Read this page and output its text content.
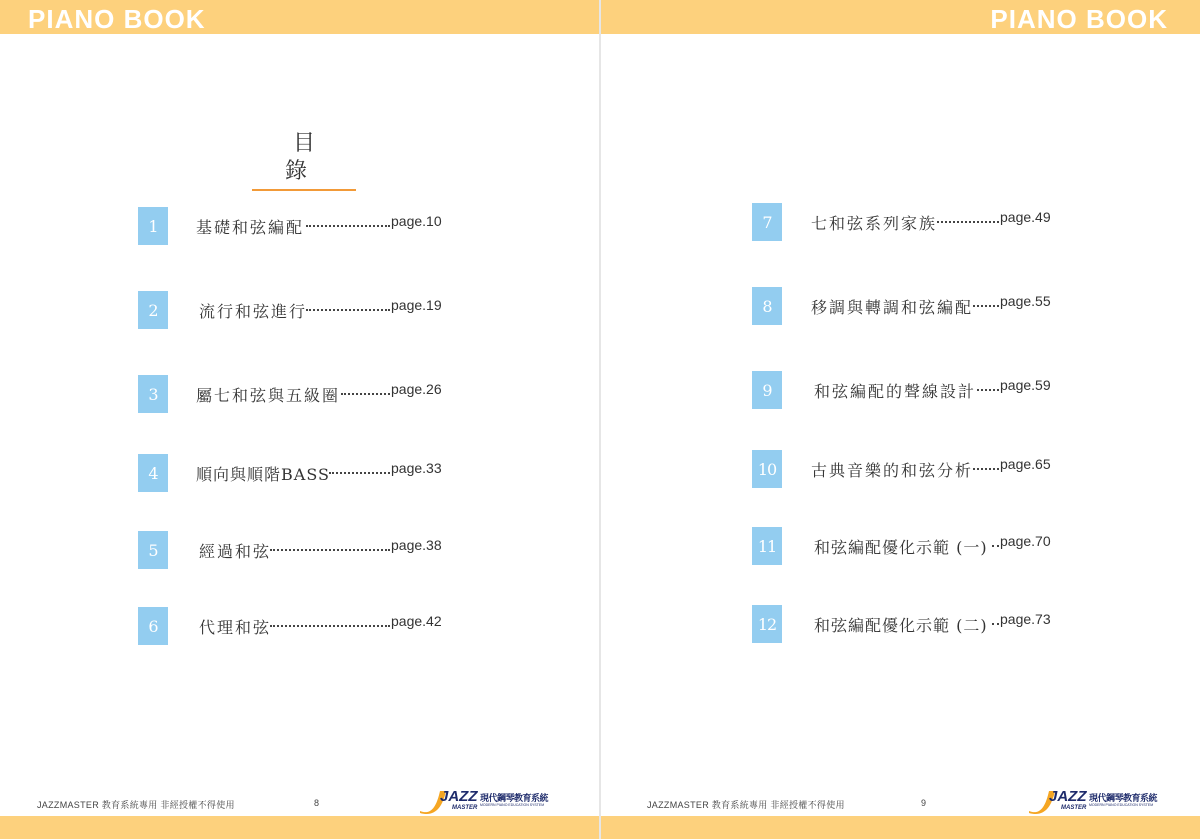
PIANO BOOK
目 錄
1	基礎和弦編配	page.10
2	流行和弦進行	page.19
3	屬七和弦與五級圈	page.26
4	順向與順階BASS	page.33
5	經過和弦	page.38
6	代理和弦	page.42
JAZZMASTER 教育系統專用 非經授權不得使用	8	JAZZ
MASTER
現代鋼琴教育系統
MODERN PIANO EDUCATION SYSTEM
PIANO BOOK
7	七和弦系列家族	page.49
8	移調與轉調和弦編配 page.55
9	和弦編配的聲線設計 page.59
10	古典音樂的和弦分析 page.65
11	和弦編配優化示範 (一) page.70
12	和弦編配優化示範 (二) page.73
JAZZMASTER 教育系統專用 非經授權不得使用	9	JAZZ
MASTER
現代鋼琴教育系統
MODERN PIANO EDUCATION SYSTEM
